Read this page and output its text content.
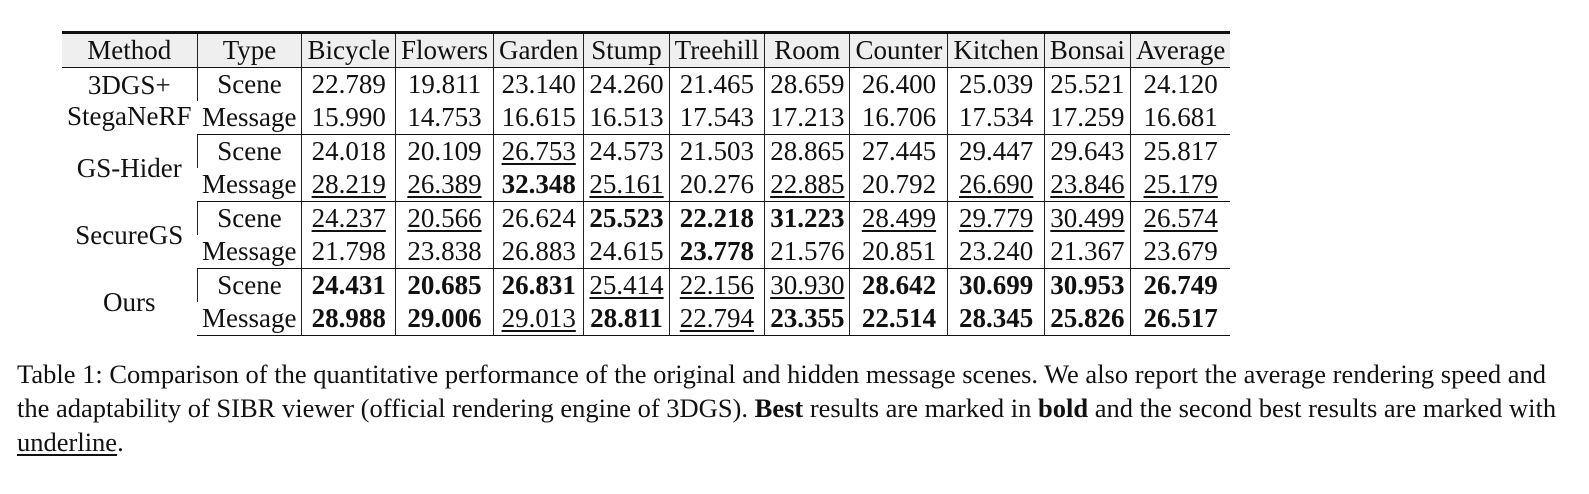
Method	Type	Bicycle	Flowers	Garden	Stump	Treehill	Room	Counter	Kitchen	Bonsai	Average

3DGS+
StegaNeRF	Scene	22.789	19.811	23.140	24.260	21.465	28.659	26.400	25.039	25.521	24.120
	Message	15.990	14.753	16.615	16.513	17.543	17.213	16.706	17.534	17.259	16.681

GS-Hider	Scene	24.018	20.109	26.753	24.573	21.503	28.865	27.445	29.447	29.643	25.817
	Message	28.219	26.389	32.348	25.161	20.276	22.885	20.792	26.690	23.846	25.179

SecureGS	Scene	24.237	20.566	26.624	25.523	22.218	31.223	28.499	29.779	30.499	26.574
	Message	21.798	23.838	26.883	24.615	23.778	21.576	20.851	23.240	21.367	23.679

Ours	Scene	24.431	20.685	26.831	25.414	22.156	30.930	28.642	30.699	30.953	26.749
	Message	28.988	29.006	29.013	28.811	22.794	23.355	22.514	28.345	25.826	26.517
Table 1: Comparison of the quantitative performance of the original and hidden message scenes. We also report the average rendering speed and the adaptability of SIBR viewer (official rendering engine of 3DGS). Best results are marked in bold and the second best results are marked with underline.
